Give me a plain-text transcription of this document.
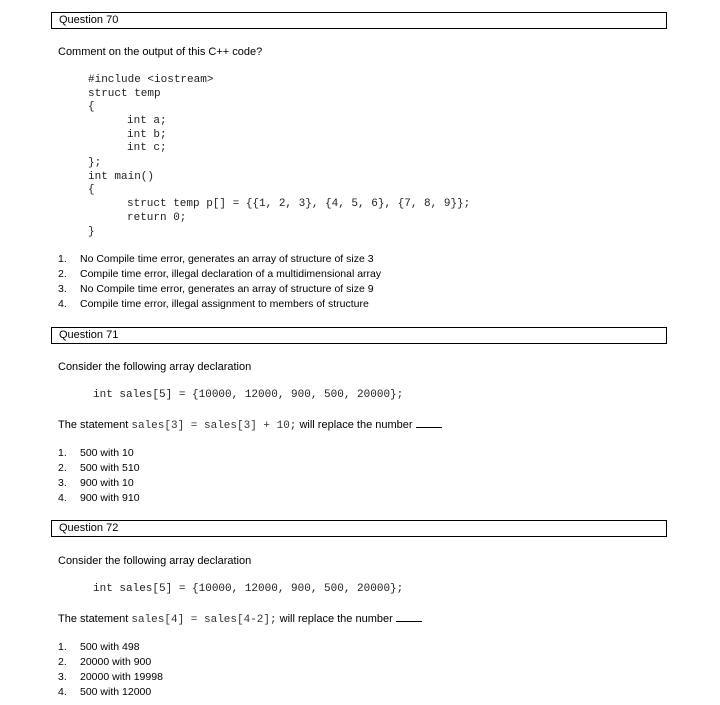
Question 70
Comment on the output of this C++ code?
#include <iostream>
struct temp
{
int a;
int b;
int c;
};
int main()
{
struct temp p[] = {{1, 2, 3}, {4, 5, 6}, {7, 8, 9}};
return 0;
}
1. No Compile time error, generates an array of structure of size 3
2. Compile time error, illegal declaration of a multidimensional array
3. No Compile time error, generates an array of structure of size 9
4. Compile time error, illegal assignment to members of structure
Question 71
Consider the following array declaration
int sales[5] = {10000, 12000, 900, 500, 20000};
The statement sales[3] = sales[3] + 10; will replace the number
1. 500 with 10
2. 500 with 510
3. 900 with 10
4. 900 with 910
Question 72
Consider the following array declaration
int sales[5] = {10000, 12000, 900, 500, 20000};
The statement sales[4] = sales[4-2]; will replace the number
1. 500 with 498
2. 20000 with 900
3. 20000 with 19998
4. 500 with 12000
